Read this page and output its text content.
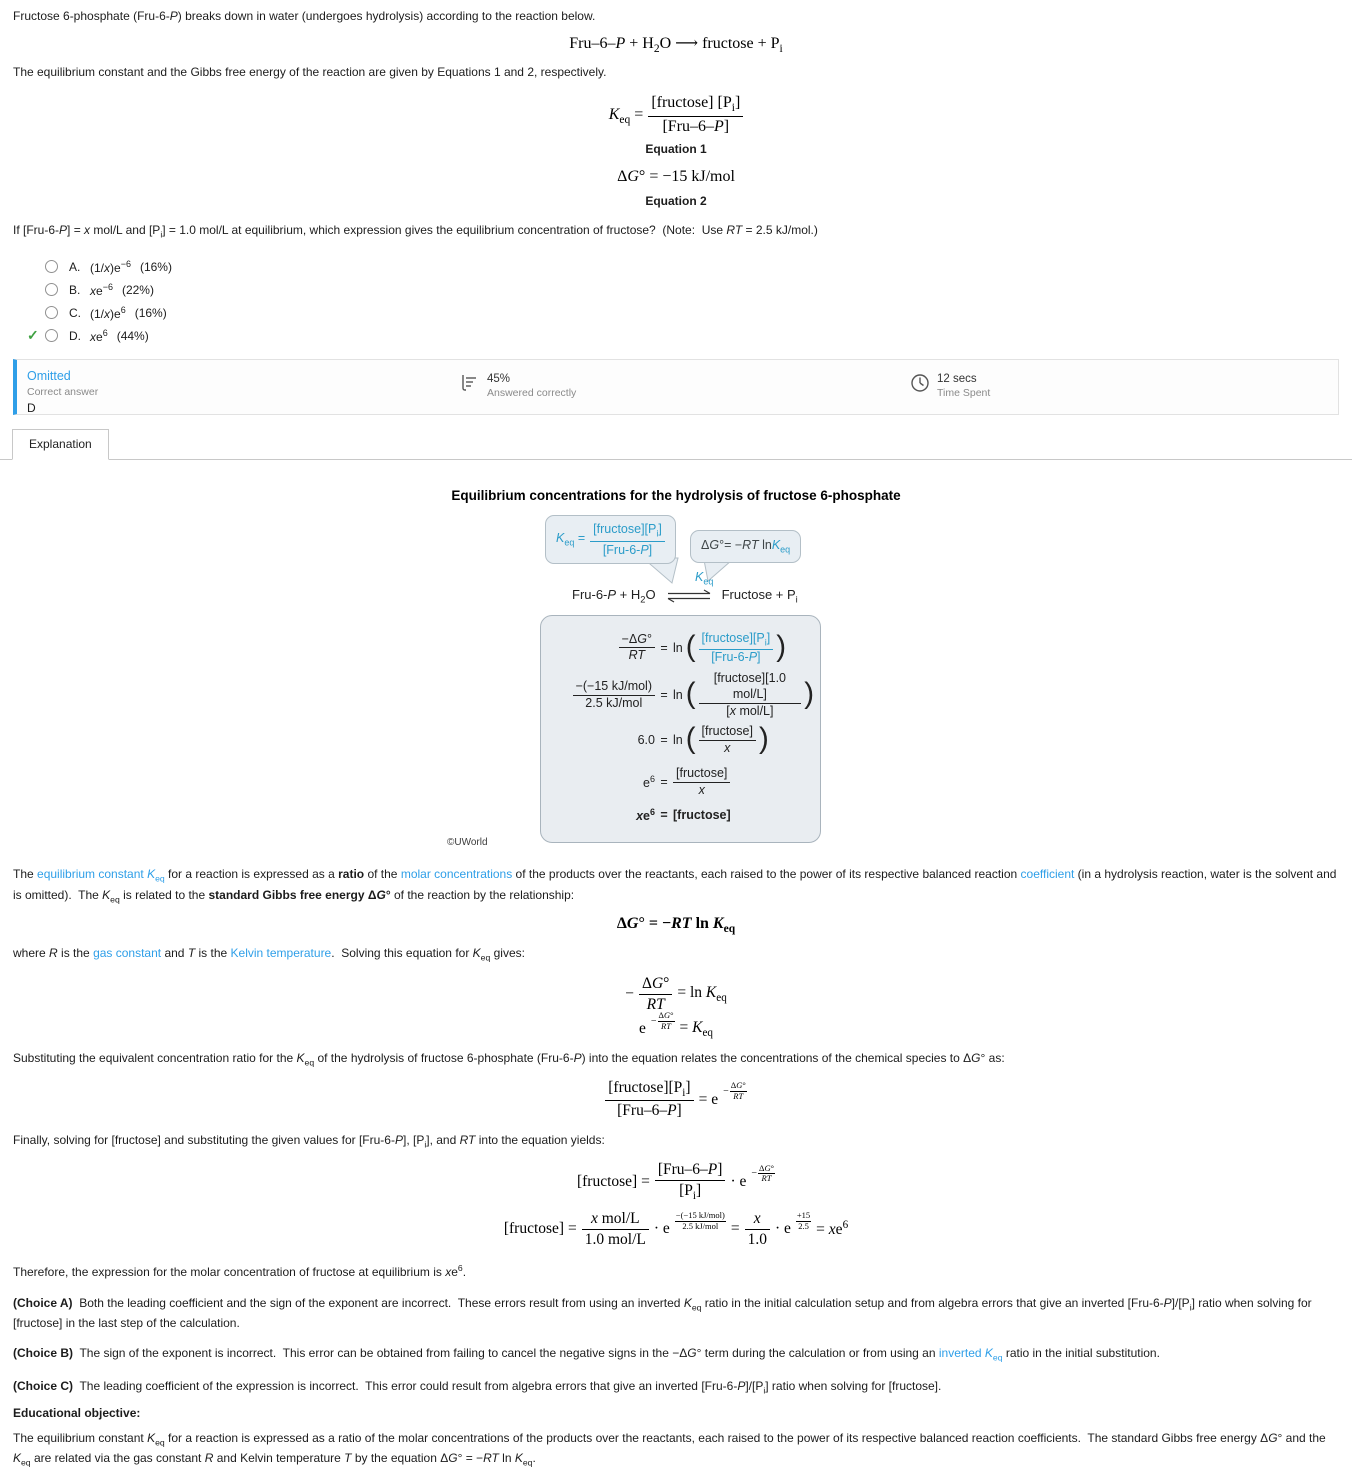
Fructose 6-phosphate (Fru-6-P) breaks down in water (undergoes hydrolysis) according to the reaction below.

$Fru-6-P + H_2O$ ⟶ fructose + $P_i$

The equilibrium constant and the Gibbs free energy of the reaction are given by Equations 1 and 2, respectively.

$K_{eq} = \frac{[fructose] [P_i]}{\text{[Fru–6–P]}}$
Equation 1
ΔG° = −15 kJ/mol
Equation 2

If [Fru-6-P] = x mol/L and $[P_i] = 1.0$ mol/L at equilibrium, which expression gives the equilibrium concentration of fructose?  (Note:  Use RT = 2.5 kJ/mol.)

A. $(1/x)e^{-6}$ (16%)
B. $xe^{-6}$ (22%)
C. $(1/x)e^6$ (16%)
✓	D. $xe^6$ (44%)
Omitted
Correct answer
D
45%
Answered correctly
12 secs
Time Spent
Explanation
Equilibrium concentrations for the hydrolysis of fructose 6-phosphate
$K_{eq} = \frac{[fructose][P_i]}{\text{[Fru-6-P]}}$	ΔG°= −RT lnK$_{eq}$
$K_{eq}$
$Fru-6-P + H_2O$ ⇌ Fructose + $P_i$
$\frac{-\Delta G^\circ}{RT} = \ln$ ( $\frac{[fructose][P_i]}{\text{[Fru-6-P]}}$ )
$\frac{\text{−(−15 kJ/mol)}}{\text{2.5 kJ/mol}} = \ln$ ( $\frac{\text{[fructose][1.0 mol/L]}}{\text{[x mol/L]}}$ )
6.0 = ln ( $\frac{\text{[fructose]}}{x}$ )
$e^6 = \frac{\text{[fructose]}}{x}$
$xe^6$ = [fructose]
©UWorld

The equilibrium constant $K_{eq}$ for a reaction is expressed as a ratio of the molar concentrations of the products over the reactants, each raised to the power of its respective balanced reaction coefficient (in a hydrolysis reaction, water is the solvent and is omitted).  The $K_{eq}$ is related to the standard Gibbs free energy ΔG° of the reaction by the relationship:

ΔG° = −RT $\ln K_{eq}$

where R is the gas constant and T is the Kelvin temperature.  Solving this equation for $K_{eq}$ gives:

− $\frac{\Delta G^\circ}{RT} = \ln K_{eq}$
$e - \frac{\Delta G^\circ}{RT} = K_{eq}$

Substituting the equivalent concentration ratio for the $K_{eq}$ of the hydrolysis of fructose 6-phosphate (Fru-6-P) into the equation relates the concentrations of the chemical species to ΔG° as:

$\frac{[fructose][P_i]}{\text{[Fru–6–P]}} = e - \frac{\Delta G^\circ}{RT}$

Finally, solving for [fructose] and substituting the given values for [Fru-6-P], $[P_i]$, and RT into the equation yields:

[fructose] = $\frac{\text{[Fru–6–P]}}{[P_i]} \cdot e - \frac{\Delta G^\circ}{RT}$
[fructose] = $\frac{\text{x mol/L}}{\text{1.0 mol/L}} \cdot e$
−(−15 kJ/mol)
2.5 $kJ/mol = \frac{x}{1.0} \cdot e$
+15
$2.5 = xe^6$

Therefore, the expression for the molar concentration of fructose at equilibrium is $xe^6$.

(Choice A)  Both the leading coefficient and the sign of the exponent are incorrect.  These errors result from using an inverted $K_{eq}$ ratio in the initial calculation setup and from algebra errors that give an inverted $[Fru-6-P]/[P_i]$ ratio when solving for [fructose] in the last step of the calculation.

(Choice B)  The sign of the exponent is incorrect.  This error can be obtained from failing to cancel the negative signs in the −ΔG° term during the calculation or from using an inverted $K_{eq}$ ratio in the initial substitution.

(Choice C)  The leading coefficient of the expression is incorrect.  This error could result from algebra errors that give an inverted $[Fru-6-P]/[P_i]$ ratio when solving for [fructose].

Educational objective:

The equilibrium constant $K_{eq}$ for a reaction is expressed as a ratio of the molar concentrations of the products over the reactants, each raised to the power of its respective balanced reaction coefficients.  The standard Gibbs free energy ΔG° and the $K_{eq}$ are related via the gas constant R and Kelvin temperature T by the equation ΔG° = −RT $\ln K_{eq}$.
